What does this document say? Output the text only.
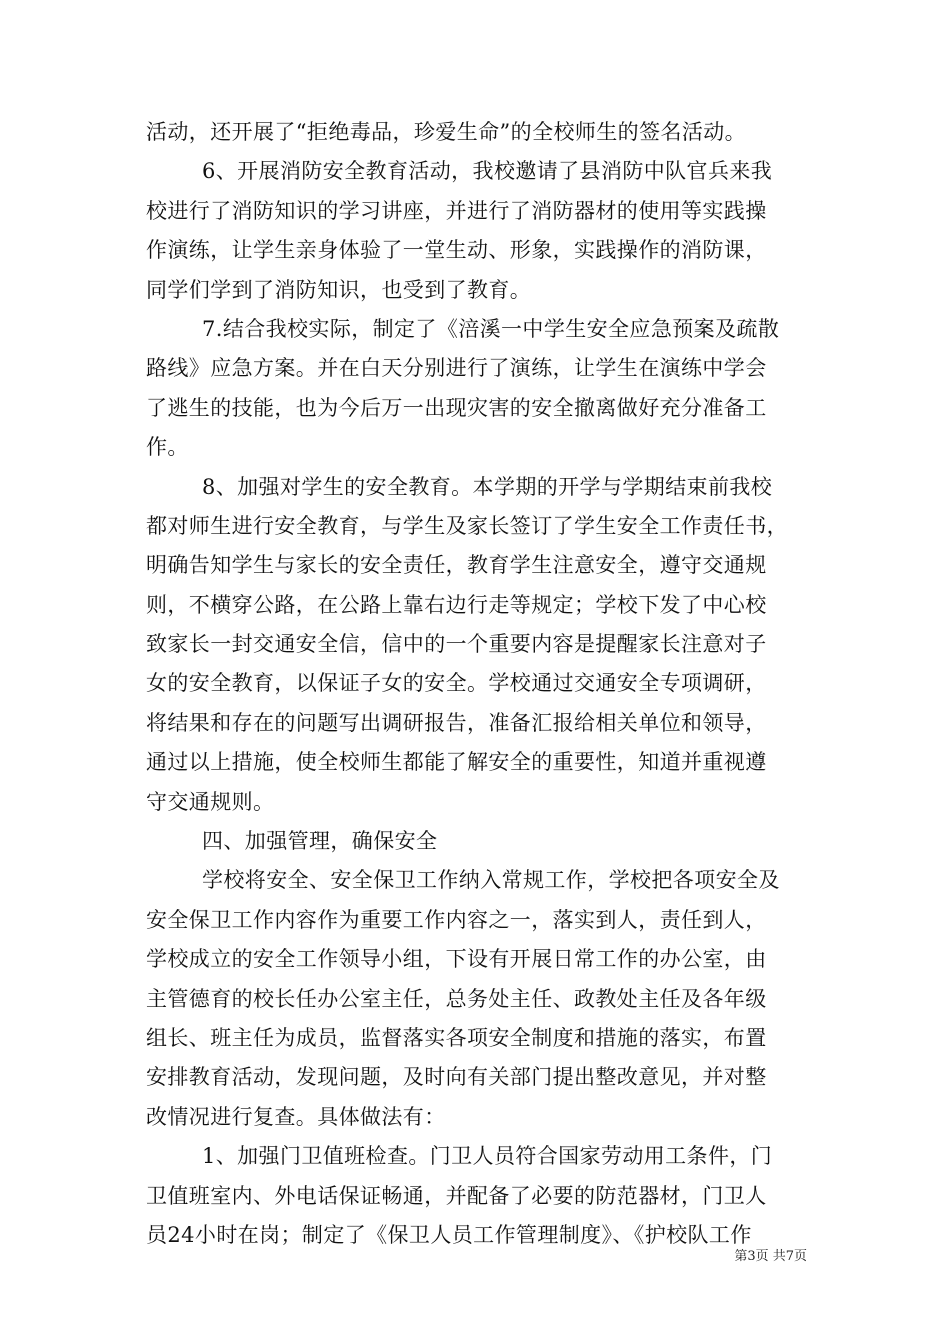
活动，还开展了“拒绝毒品，珍爱生命”的全校师生的签名活动。
6、开展消防安全教育活动，我校邀请了县消防中队官兵来我
校进行了消防知识的学习讲座，并进行了消防器材的使用等实践操
作演练，让学生亲身体验了一堂生动、形象，实践操作的消防课，
同学们学到了消防知识，也受到了教育。
7.结合我校实际，制定了《涪溪一中学生安全应急预案及疏散
路线》应急方案。并在白天分别进行了演练，让学生在演练中学会
了逃生的技能，也为今后万一出现灾害的安全撤离做好充分准备工
作。
8、加强对学生的安全教育。本学期的开学与学期结束前我校
都对师生进行安全教育，与学生及家长签订了学生安全工作责任书，
明确告知学生与家长的安全责任，教育学生注意安全，遵守交通规
则，不横穿公路，在公路上靠右边行走等规定；学校下发了中心校
致家长一封交通安全信，信中的一个重要内容是提醒家长注意对子
女的安全教育，以保证子女的安全。学校通过交通安全专项调研，
将结果和存在的问题写出调研报告，准备汇报给相关单位和领导，
通过以上措施，使全校师生都能了解安全的重要性，知道并重视遵
守交通规则。
四、加强管理，确保安全
学校将安全、安全保卫工作纳入常规工作，学校把各项安全及
安全保卫工作内容作为重要工作内容之一，落实到人，责任到人，
学校成立的安全工作领导小组，下设有开展日常工作的办公室，由
主管德育的校长任办公室主任，总务处主任、政教处主任及各年级
组长、班主任为成员，监督落实各项安全制度和措施的落实，布置
安排教育活动，发现问题，及时向有关部门提出整改意见，并对整
改情况进行复查。具体做法有：
1、加强门卫值班检查。门卫人员符合国家劳动用工条件，门
卫值班室内、外电话保证畅通，并配备了必要的防范器材，门卫人
员24小时在岗；制定了《保卫人员工作管理制度》、《护校队工作
第3页 共7页
